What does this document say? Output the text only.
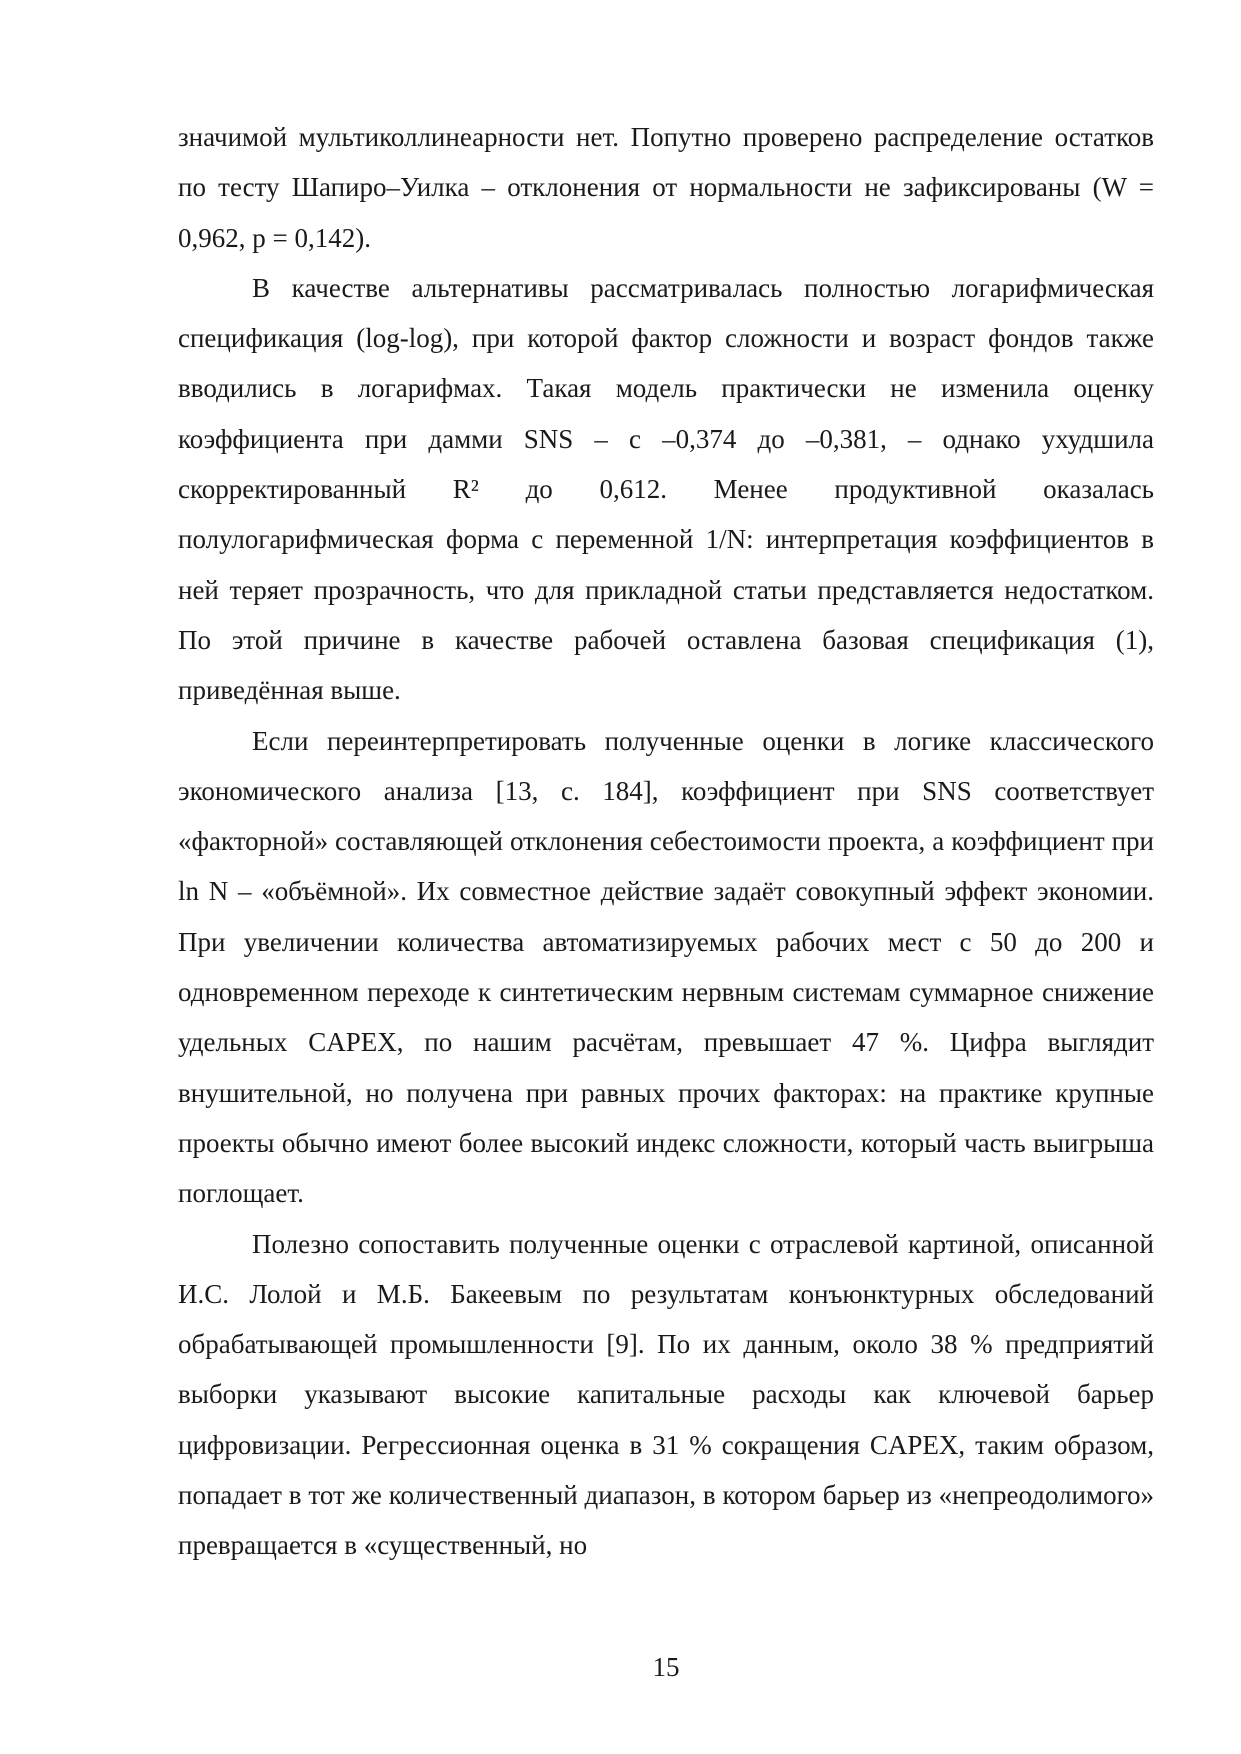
значимой мультиколлинеарности нет. Попутно проверено распределение остатков по тесту Шапиро–Уилка – отклонения от нормальности не зафиксированы (W = 0,962, p = 0,142).

В качестве альтернативы рассматривалась полностью логарифмическая спецификация (log-log), при которой фактор сложности и возраст фондов также вводились в логарифмах. Такая модель практически не изменила оценку коэффициента при дамми SNS – с –0,374 до –0,381, – однако ухудшила скорректированный R² до 0,612. Менее продуктивной оказалась полулогарифмическая форма с переменной 1/N: интерпретация коэффициентов в ней теряет прозрачность, что для прикладной статьи представляется недостатком. По этой причине в качестве рабочей оставлена базовая спецификация (1), приведённая выше.

Если переинтерпретировать полученные оценки в логике классического экономического анализа [13, с. 184], коэффициент при SNS соответствует «факторной» составляющей отклонения себестоимости проекта, а коэффициент при ln N – «объёмной». Их совместное действие задаёт совокупный эффект экономии. При увеличении количества автоматизируемых рабочих мест с 50 до 200 и одновременном переходе к синтетическим нервным системам суммарное снижение удельных CAPEX, по нашим расчётам, превышает 47 %. Цифра выглядит внушительной, но получена при равных прочих факторах: на практике крупные проекты обычно имеют более высокий индекс сложности, который часть выигрыша поглощает.

Полезно сопоставить полученные оценки с отраслевой картиной, описанной И.С. Лолой и М.Б. Бакеевым по результатам конъюнктурных обследований обрабатывающей промышленности [9]. По их данным, около 38 % предприятий выборки указывают высокие капитальные расходы как ключевой барьер цифровизации. Регрессионная оценка в 31 % сокращения CAPEX, таким образом, попадает в тот же количественный диапазон, в котором барьер из «непреодолимого» превращается в «существенный, но

15
